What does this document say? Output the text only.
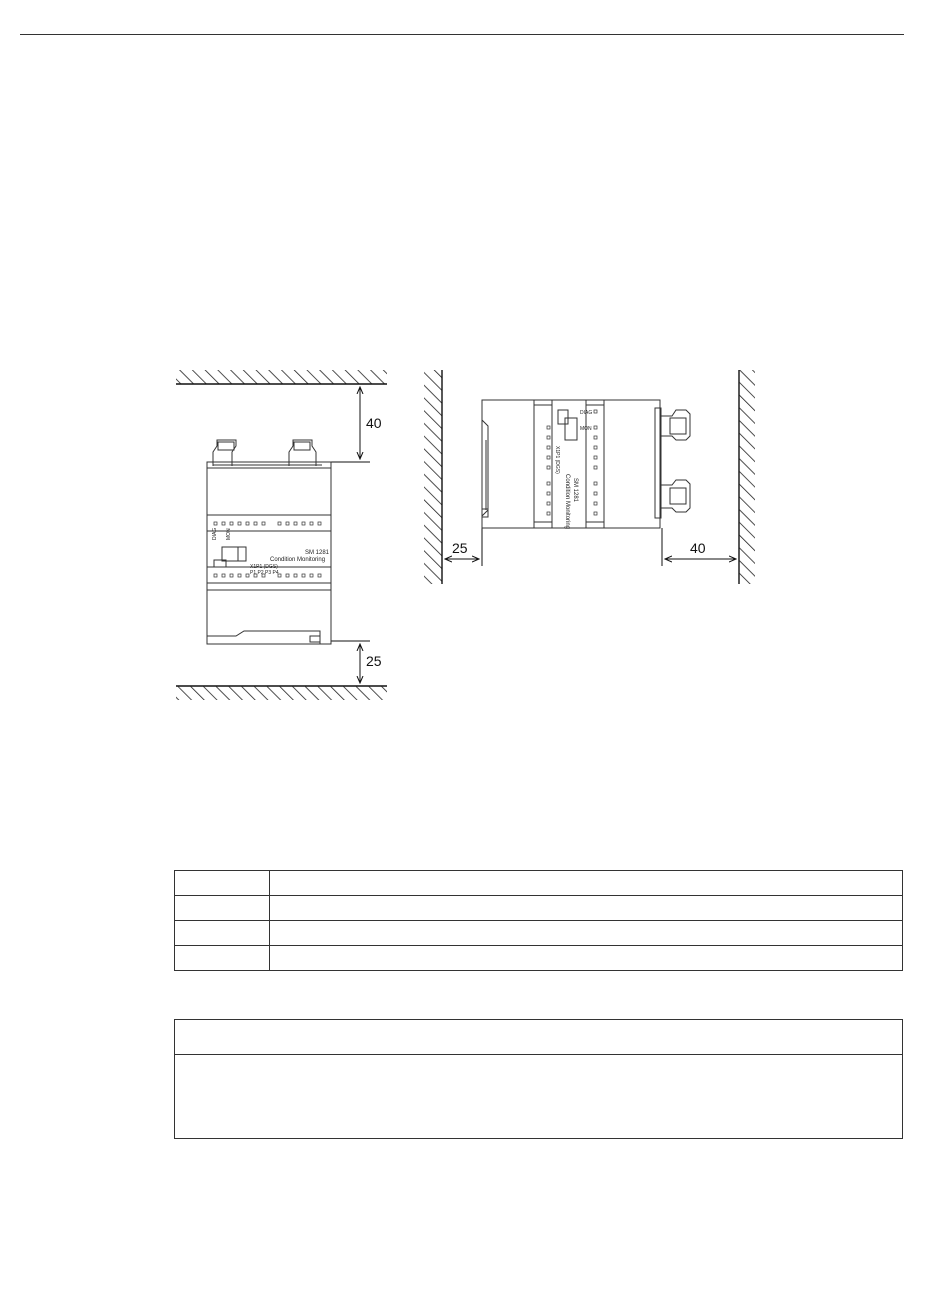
40
25
DIAG MON
SM 1281
Condition Monitoring
X1P1 (DGS)
P1 P2 P3 P4
25	40
DIAG
MON
SM 1281
Condition Monitoring
X1P1 (DGS)
